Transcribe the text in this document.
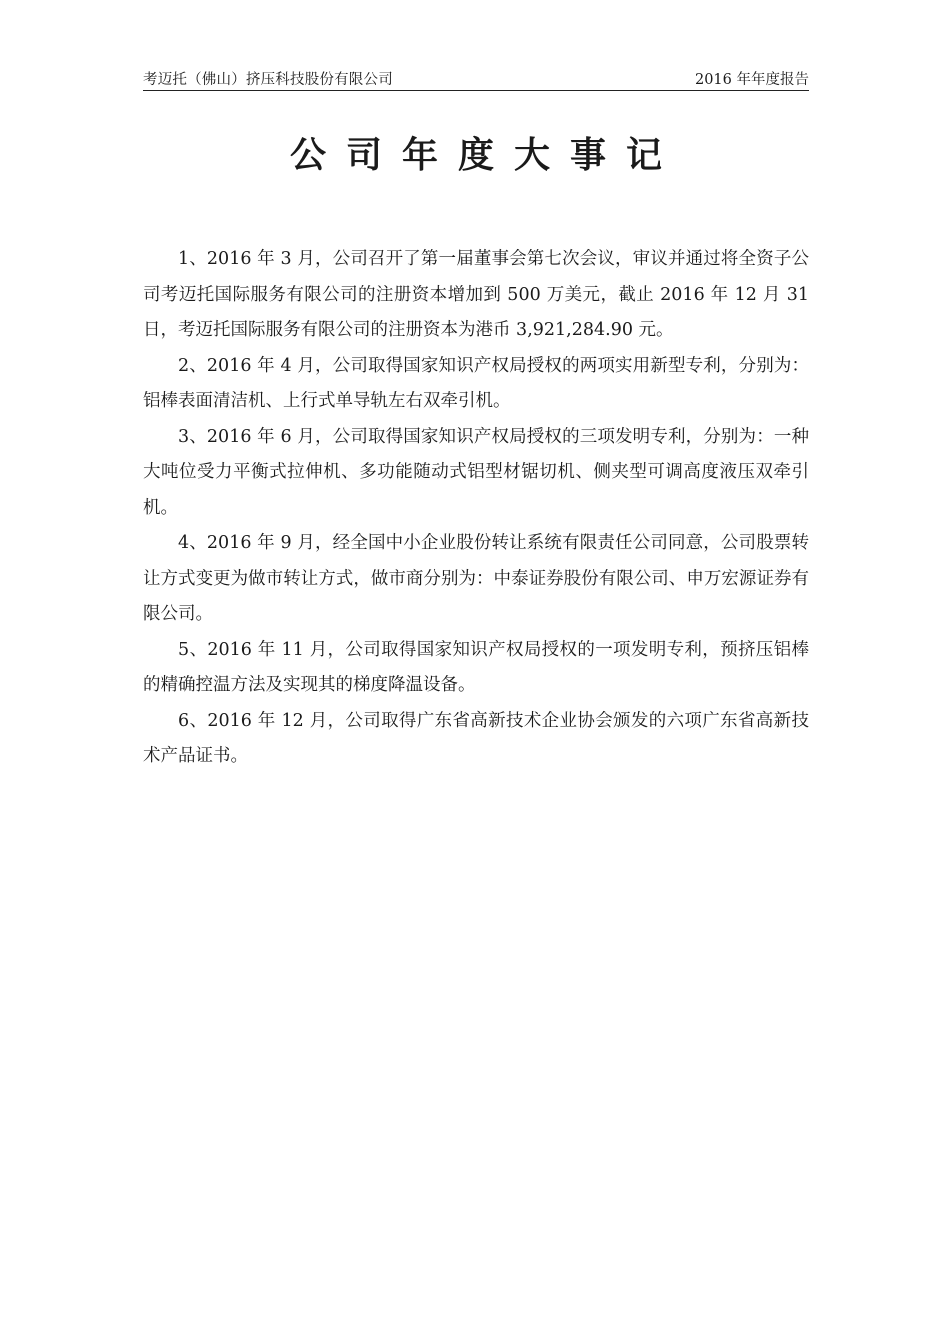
考迈托（佛山）挤压科技股份有限公司	2016 年年度报告
公司年度大事记
1、2016 年 3 月，公司召开了第一届董事会第七次会议，审议并通过将全资子公司考迈托国际服务有限公司的注册资本增加到 500 万美元，截止 2016 年 12 月 31 日，考迈托国际服务有限公司的注册资本为港币 3,921,284.90 元。
2、2016 年 4 月，公司取得国家知识产权局授权的两项实用新型专利，分别为：铝棒表面清洁机、上行式单导轨左右双牵引机。
3、2016 年 6 月，公司取得国家知识产权局授权的三项发明专利，分别为：一种大吨位受力平衡式拉伸机、多功能随动式铝型材锯切机、侧夹型可调高度液压双牵引机。
4、2016 年 9 月，经全国中小企业股份转让系统有限责任公司同意，公司股票转让方式变更为做市转让方式，做市商分别为：中泰证券股份有限公司、申万宏源证券有限公司。
5、2016 年 11 月，公司取得国家知识产权局授权的一项发明专利，预挤压铝棒的精确控温方法及实现其的梯度降温设备。
6、2016 年 12 月，公司取得广东省高新技术企业协会颁发的六项广东省高新技术产品证书。
